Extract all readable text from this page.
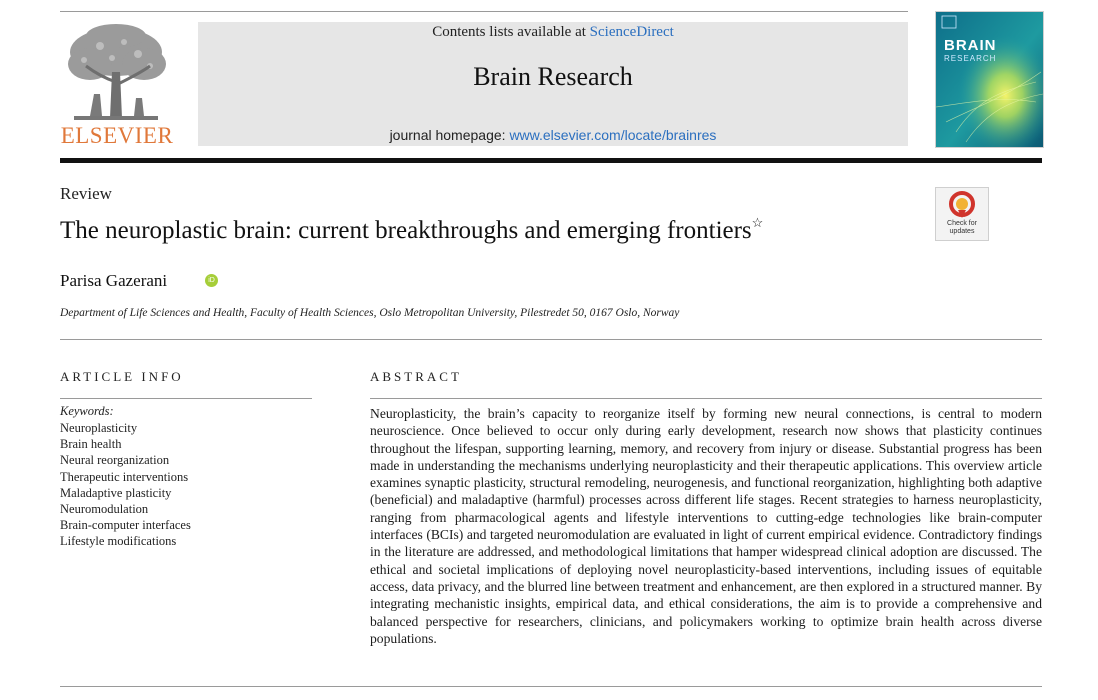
ELSEVIER
Contents lists available at ScienceDirect
Brain Research
journal homepage: www.elsevier.com/locate/brainres
BRAIN
RESEARCH
Review
The neuroplastic brain: current breakthroughs and emerging frontiers☆	Check for updates
Parisa Gazerani	iD
Department of Life Sciences and Health, Faculty of Health Sciences, Oslo Metropolitan University, Pilestredet 50, 0167 Oslo, Norway
ARTICLE INFO
Keywords:
Neuroplasticity
Brain health
Neural reorganization
Therapeutic interventions
Maladaptive plasticity
Neuromodulation
Brain-computer interfaces
Lifestyle modifications
ABSTRACT
Neuroplasticity, the brain’s capacity to reorganize itself by forming new neural connections, is central to modern neuroscience. Once believed to occur only during early development, research now shows that plasticity continues throughout the lifespan, supporting learning, memory, and recovery from injury or disease. Substantial progress has been made in understanding the mechanisms underlying neuroplasticity and their therapeutic applications. This overview article examines synaptic plasticity, structural remodeling, neurogenesis, and functional reorganization, highlighting both adaptive (beneficial) and maladaptive (harmful) processes across different life stages. Recent strategies to harness neuroplasticity, ranging from pharmacological agents and lifestyle interventions to cutting-edge technologies like brain-computer interfaces (BCIs) and targeted neuromodulation are evaluated in light of current empirical evidence. Contradictory findings in the literature are addressed, and methodological limitations that hamper widespread clinical adoption are discussed. The ethical and societal implications of deploying novel neuroplasticity-based interventions, including issues of equitable access, data privacy, and the blurred line between treatment and enhancement, are then explored in a structured manner. By integrating mechanistic insights, empirical data, and ethical considerations, the aim is to provide a comprehensive and balanced perspective for researchers, clinicians, and policymakers working to optimize brain health across diverse populations.
